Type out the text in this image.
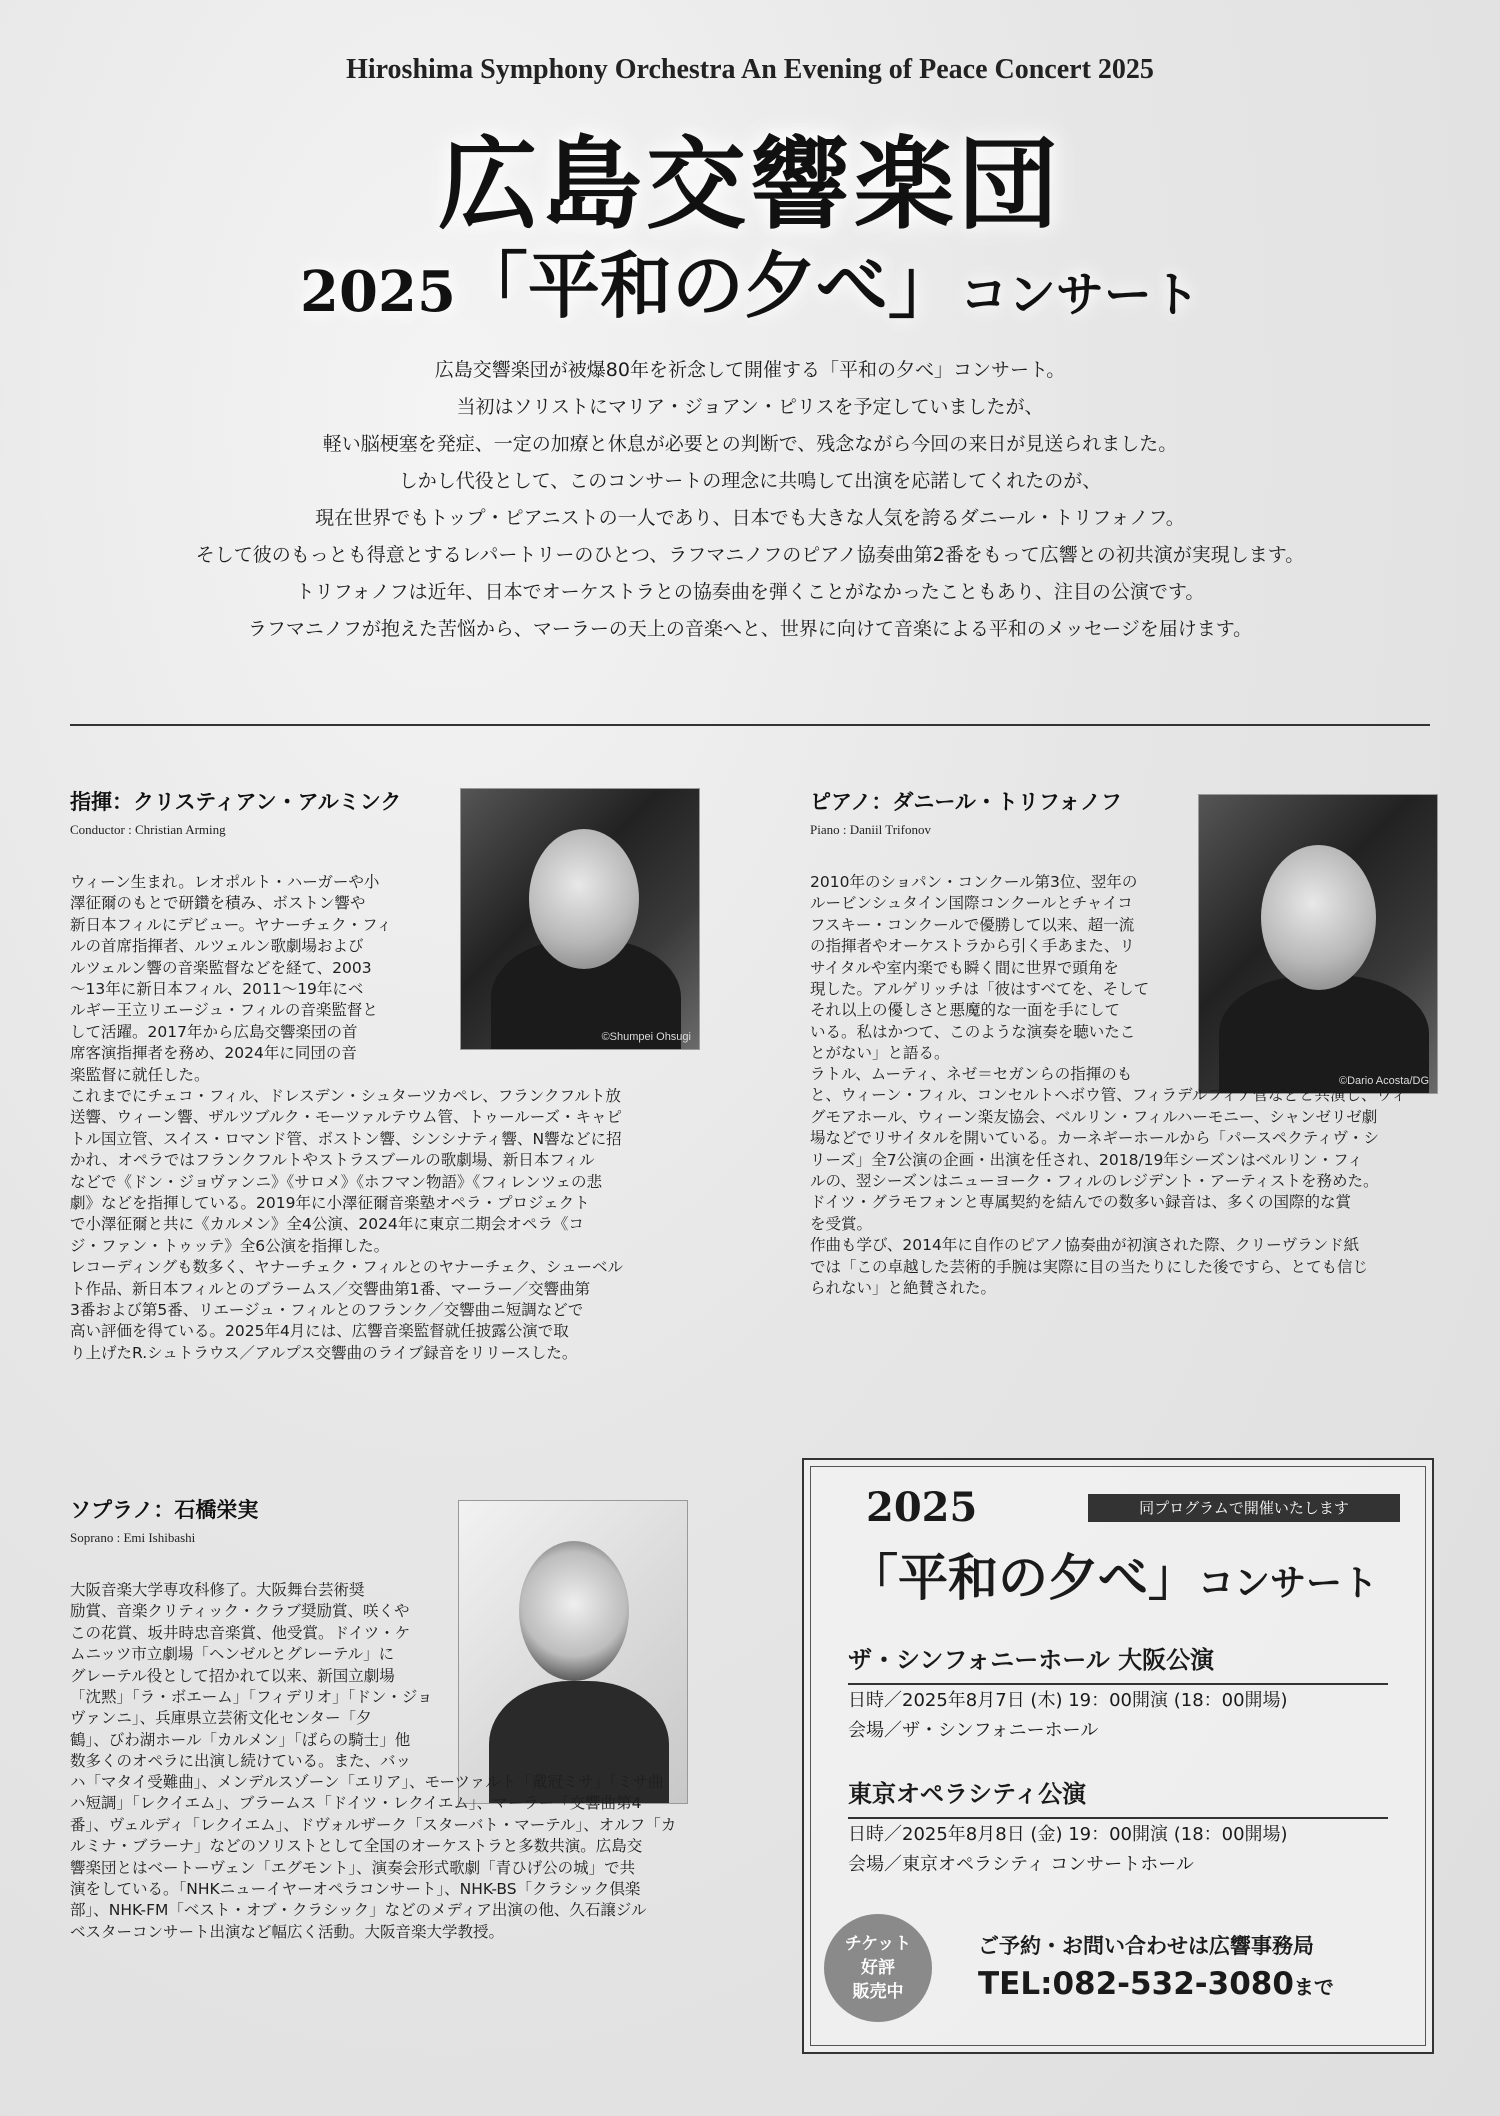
Hiroshima Symphony Orchestra An Evening of Peace Concert 2025
広島交響楽団
2025「平和の夕べ」コンサート

広島交響楽団が被爆80年を祈念して開催する「平和の夕べ」コンサート。

当初はソリストにマリア・ジョアン・ピリスを予定していましたが、

軽い脳梗塞を発症、一定の加療と休息が必要との判断で、残念ながら今回の来日が見送られました。

しかし代役として、このコンサートの理念に共鳴して出演を応諾してくれたのが、

現在世界でもトップ・ピアニストの一人であり、日本でも大きな人気を誇るダニール・トリフォノフ。

そして彼のもっとも得意とするレパートリーのひとつ、ラフマニノフのピアノ協奏曲第2番をもって広響との初共演が実現します。

トリフォノフは近年、日本でオーケストラとの協奏曲を弾くことがなかったこともあり、注目の公演です。

ラフマニノフが抱えた苦悩から、マーラーの天上の音楽へと、世界に向けて音楽による平和のメッセージを届けます。

指揮：クリスティアン・アルミンク
Conductor : Christian Arming
©Shumpei Ohsugi

ウィーン生まれ。レオポルト・ハーガーや小

澤征爾のもとで研鑽を積み、ボストン響や

新日本フィルにデビュー。ヤナーチェク・フィ

ルの首席指揮者、ルツェルン歌劇場および

ルツェルン響の音楽監督などを経て、2003

～13年に新日本フィル、2011～19年にベ

ルギー王立リエージュ・フィルの音楽監督と

して活躍。2017年から広島交響楽団の首

席客演指揮者を務め、2024年に同団の音

楽監督に就任した。

これまでにチェコ・フィル、ドレスデン・シュターツカペレ、フランクフルト放

送響、ウィーン響、ザルツブルク・モーツァルテウム管、トゥールーズ・キャピ

トル国立管、スイス・ロマンド管、ボストン響、シンシナティ響、N響などに招

かれ、オペラではフランクフルトやストラスブールの歌劇場、新日本フィル

などで《ドン・ジョヴァンニ》《サロメ》《ホフマン物語》《フィレンツェの悲

劇》などを指揮している。2019年に小澤征爾音楽塾オペラ・プロジェクト

で小澤征爾と共に《カルメン》全4公演、2024年に東京二期会オペラ《コ

ジ・ファン・トゥッテ》全6公演を指揮した。

レコーディングも数多く、ヤナーチェク・フィルとのヤナーチェク、シューベル

ト作品、新日本フィルとのブラームス／交響曲第1番、マーラー／交響曲第

3番および第5番、リエージュ・フィルとのフランク／交響曲ニ短調などで

高い評価を得ている。2025年4月には、広響音楽監督就任披露公演で取

り上げたR.シュトラウス／アルプス交響曲のライブ録音をリリースした。

ピアノ：ダニール・トリフォノフ
Piano : Daniil Trifonov
©Dario Acosta/DG

2010年のショパン・コンクール第3位、翌年の

ルービンシュタイン国際コンクールとチャイコ

フスキー・コンクールで優勝して以来、超一流

の指揮者やオーケストラから引く手あまた、リ

サイタルや室内楽でも瞬く間に世界で頭角を

現した。アルゲリッチは「彼はすべてを、そして

それ以上の優しさと悪魔的な一面を手にして

いる。私はかつて、このような演奏を聴いたこ

とがない」と語る。

ラトル、ムーティ、ネゼ＝セガンらの指揮のも

と、ウィーン・フィル、コンセルトヘボウ管、フィラデルフィア管などと共演し、ウィ

グモアホール、ウィーン楽友協会、ベルリン・フィルハーモニー、シャンゼリゼ劇

場などでリサイタルを開いている。カーネギーホールから「パースペクティヴ・シ

リーズ」全7公演の企画・出演を任され、2018/19年シーズンはベルリン・フィ

ルの、翌シーズンはニューヨーク・フィルのレジデント・アーティストを務めた。

ドイツ・グラモフォンと専属契約を結んでの数多い録音は、多くの国際的な賞

を受賞。

作曲も学び、2014年に自作のピアノ協奏曲が初演された際、クリーヴランド紙

では「この卓越した芸術的手腕は実際に目の当たりにした後ですら、とても信じ

られない」と絶賛された。

ソプラノ：石橋栄実
Soprano : Emi Ishibashi

大阪音楽大学専攻科修了。大阪舞台芸術奨

励賞、音楽クリティック・クラブ奨励賞、咲くや

この花賞、坂井時忠音楽賞、他受賞。ドイツ・ケ

ムニッツ市立劇場「ヘンゼルとグレーテル」に

グレーテル役として招かれて以来、新国立劇場

「沈黙」「ラ・ボエーム」「フィデリオ」「ドン・ジョ

ヴァンニ」、兵庫県立芸術文化センター「夕

鶴」、びわ湖ホール「カルメン」「ばらの騎士」他

数多くのオペラに出演し続けている。また、バッ

ハ「マタイ受難曲」、メンデルスゾーン「エリア」、モーツァルト「戴冠ミサ」「ミサ曲

ハ短調」「レクイエム」、ブラームス「ドイツ・レクイエム」、マーラー「交響曲第4

番」、ヴェルディ「レクイエム」、ドヴォルザーク「スターバト・マーテル」、オルフ「カ

ルミナ・ブラーナ」などのソリストとして全国のオーケストラと多数共演。広島交

響楽団とはベートーヴェン「エグモント」、演奏会形式歌劇「青ひげ公の城」で共

演をしている。「NHKニューイヤーオペラコンサート」、NHK-BS「クラシック倶楽

部」、NHK-FM「ベスト・オブ・クラシック」などのメディア出演の他、久石譲ジル

ベスターコンサート出演など幅広く活動。大阪音楽大学教授。

同プログラムで開催いたします
2025
「平和の夕べ」コンサート
ザ・シンフォニーホール 大阪公演
日時／2025年8月7日 (木) 19：00開演 (18：00開場)
会場／ザ・シンフォニーホール
東京オペラシティ公演
日時／2025年8月8日 (金) 19：00開演 (18：00開場)
会場／東京オペラシティ コンサートホール
チケット
好評
販売中
ご予約・お問い合わせは広響事務局
TEL:082-532-3080まで
